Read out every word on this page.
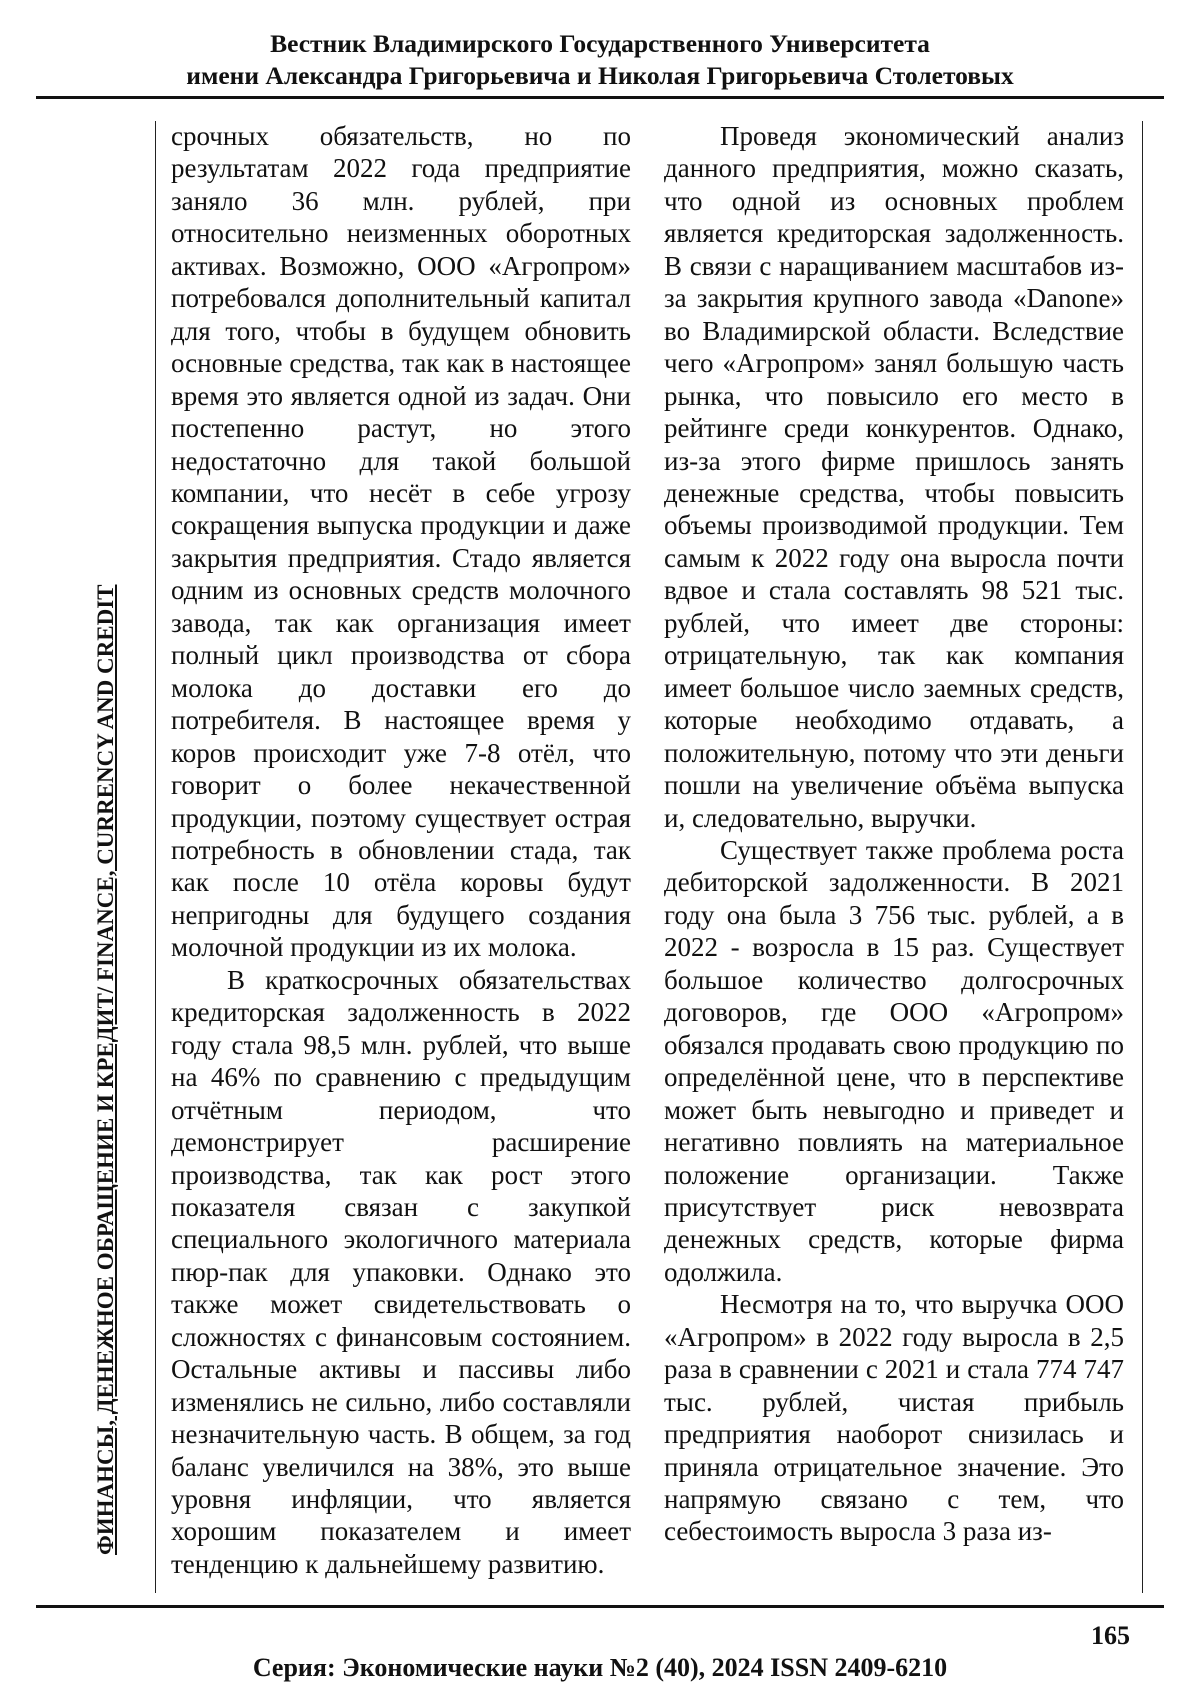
Вестник Владимирского Государственного Университета
имени Александра Григорьевича и Николая Григорьевича Столетовых
ФИНАНСЫ, ДЕНЕЖНОЕ ОБРАЩЕНИЕ И КРЕДИТ/ FINANCE, CURRENCY AND CREDIT

срочных обязательств, но по результатам 2022 года предприятие заняло 36 млн. рублей, при относительно неизменных оборотных активах. Возможно, ООО «Агропром» потребовался дополнительный капитал для того, чтобы в будущем обновить основные средства, так как в настоящее время это является одной из задач. Они постепенно растут, но этого недостаточно для такой большой компании, что несёт в себе угрозу сокращения выпуска продукции и даже закрытия предприятия. Стадо является одним из основных средств молочного завода, так как организация имеет полный цикл производства от сбора молока до доставки его до потребителя. В настоящее время у коров происходит уже 7-8 отёл, что говорит о более некачественной продукции, поэтому существует острая потребность в обновлении стада, так как после 10 отёла коровы будут непригодны для будущего создания молочной продукции из их молока.

В краткосрочных обязательствах кредиторская задолженность в 2022 году стала 98,5 млн. рублей, что выше на 46% по сравнению с предыдущим отчётным периодом, что демонстрирует расширение производства, так как рост этого показателя связан с закупкой специального экологичного материала пюр-пак для упаковки. Однако это также может свидетельствовать о сложностях с финансовым состоянием. Остальные активы и пассивы либо изменялись не сильно, либо составляли незначительную часть. В общем, за год баланс увеличился на 38%, это выше уровня инфляции, что является хорошим показателем и имеет тенденцию к дальнейшему развитию.

Проведя экономический анализ данного предприятия, можно сказать, что одной из основных проблем является кредиторская задолженность. В связи с наращиванием масштабов из-за закрытия крупного завода «Danone» во Владимирской области. Вследствие чего «Агропром» занял большую часть рынка, что повысило его место в рейтинге среди конкурентов. Однако, из-за этого фирме пришлось занять денежные средства, чтобы повысить объемы производимой продукции. Тем самым к 2022 году она выросла почти вдвое и стала составлять 98 521 тыс. рублей, что имеет две стороны: отрицательную, так как компания имеет большое число заемных средств, которые необходимо отдавать, а положительную, потому что эти деньги пошли на увеличение объёма выпуска и, следовательно, выручки.

Существует также проблема роста дебиторской задолженности. В 2021 году она была 3 756 тыс. рублей, а в 2022 - возросла в 15 раз. Существует большое количество долгосрочных договоров, где ООО «Агропром» обязался продавать свою продукцию по определённой цене, что в перспективе может быть невыгодно и приведет и негативно повлиять на материальное положение организации. Также присутствует риск невозврата денежных средств, которые фирма одолжила.

Несмотря на то, что выручка ООО «Агропром» в 2022 году выросла в 2,5 раза в сравнении с 2021 и стала 774 747 тыс. рублей, чистая прибыль предприятия наоборот снизилась и приняла отрицательное значение. Это напрямую связано с тем, что себестоимость выросла 3 раза из-

165
Серия: Экономические науки №2 (40), 2024 ISSN 2409-6210
